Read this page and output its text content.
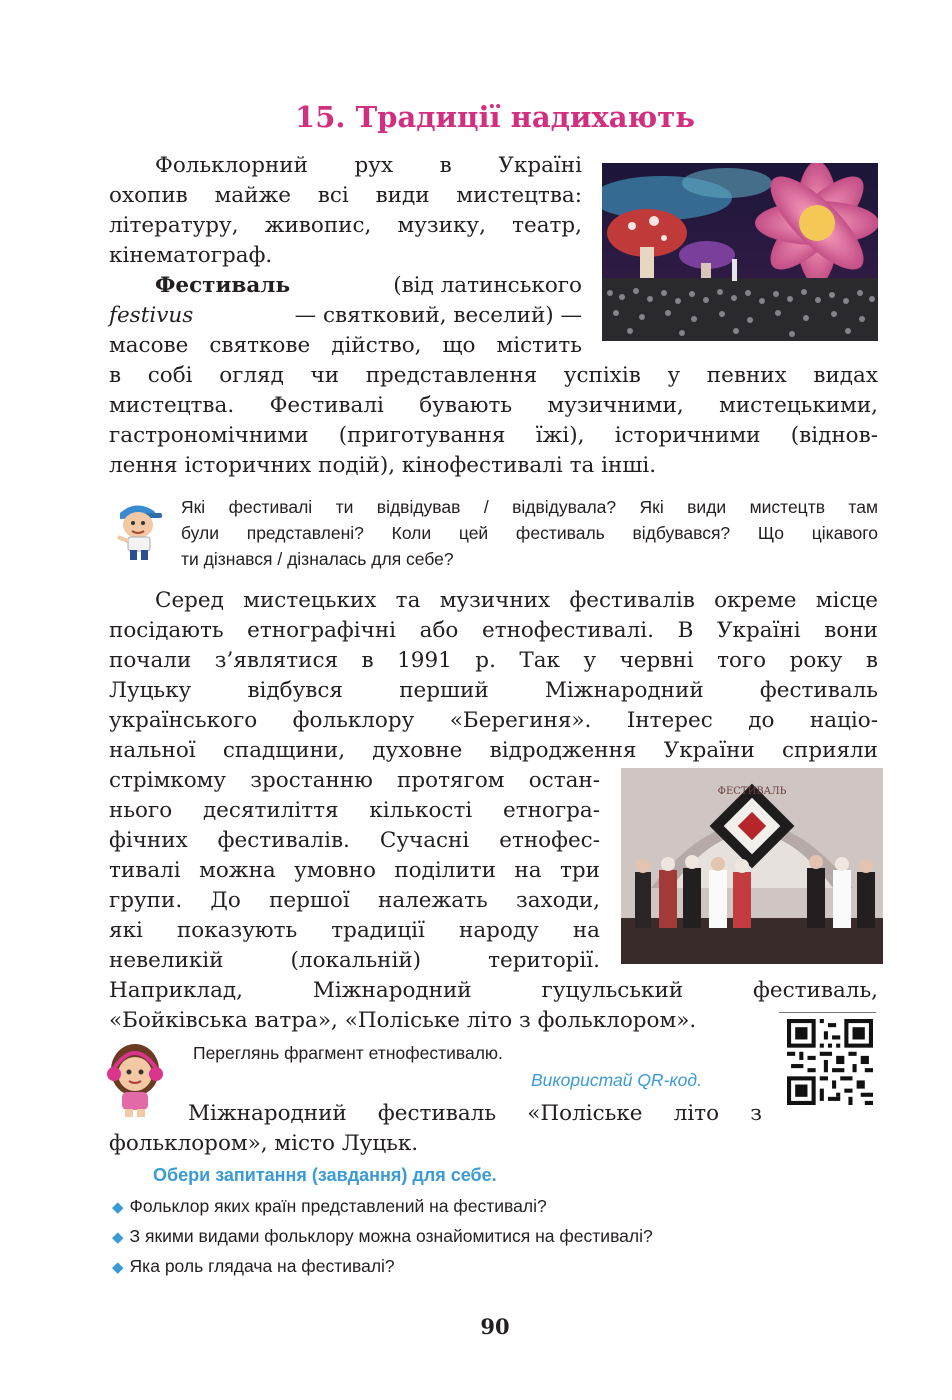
15. Традиції надихають
Фольклорний рух в Україні
охопив майже всі види мистецтва:
літературу, живопис, музику, театр,
кінематограф.
Фестиваль	(від латинського
festivus	— святковий, веселий) —
масове святкове дійство, що містить
в собі огляд чи представлення успіхів у певних видах
мистецтва. Фестивалі бувають музичними, мистецькими,
гастрономічними (приготування їжі), історичними (віднов-
лення історичних подій), кінофестивалі та інші.
Які фестивалі ти відвідував / відвідувала? Які види мистецтв там
були представлені? Коли цей фестиваль відбувався? Що цікавого
ти дізнався / дізналась для себе?
Серед мистецьких та музичних фестивалів окреме місце
посідають етнографічні або етнофестивалі. В Україні вони
почали з’являтися в 1991 р. Так у червні того року в
Луцьку відбувся перший Міжнародний фестиваль
українського фольклору «Берегиня». Інтерес до націо-
нальної спадщини, духовне відродження України сприяли
стрімкому зростанню протягом остан-
нього десятиліття кількості етногра-
фічних фестивалів. Сучасні етнофес-
тивалі можна умовно поділити на три
групи. До першої належать заходи,
які показують традиції народу на
невеликій (локальній) території.
Наприклад, Міжнародний гуцульський фестиваль,
«Бойківська ватра», «Поліське літо з фольклором».
ФЕСТИВАЛЬ
Переглянь фрагмент етнофестивалю.
Використай QR-код.
Міжнародний фестиваль «Поліське літо з
фольклором», місто Луцьк.
Обери запитання (завдання) для себе.
◆ Фольклор яких країн представлений на фестивалі?
◆ З якими видами фольклору можна ознайомитися на фестивалі?
◆ Яка роль глядача на фестивалі?
90
